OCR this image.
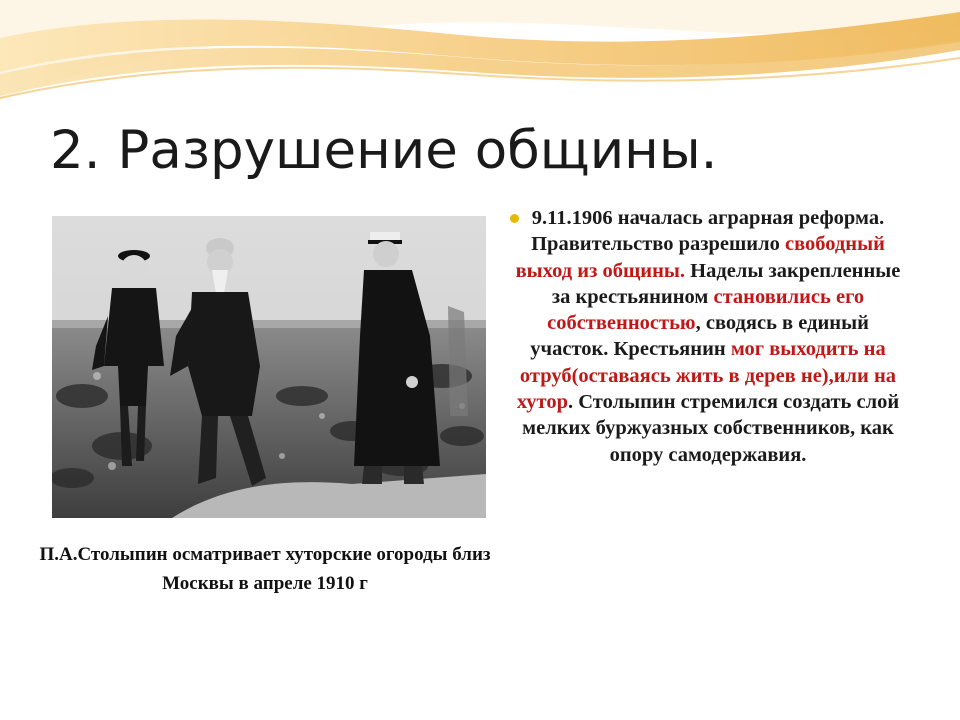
2. Разрушение общины.

П.А.Столыпин осматривает хуторские огороды близ Москвы в апреле 1910 г

9.11.1906 началась аграрная реформа. Правительство разрешило свободный выход из общины. Наделы закрепленные за крестьянином становились его собственностью, сводясь в единый участок. Крестьянин мог выходить на отруб(оставаясь жить в дерев не),или на хутор. Столыпин стремился создать слой мелких буржуазных собственников, как опору самодержавия.
